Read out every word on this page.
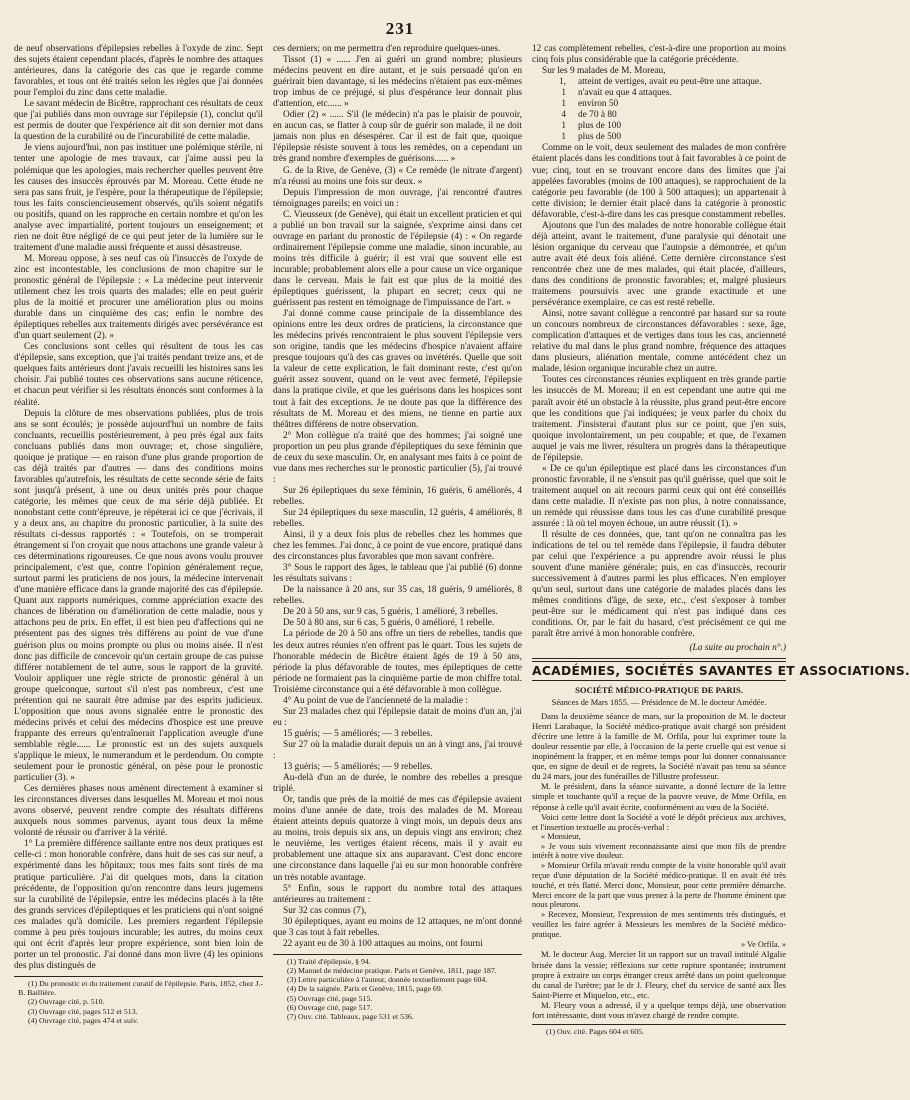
231

de neuf observations d'épilepsies rebelles à l'oxyde de zinc. Sept des sujets étaient cependant placés, d'après le nombre des attaques antérieures, dans la catégorie des cas que je regarde comme favorables, et tous ont été traités selon les règles que j'ai données pour l'emploi du zinc dans cette maladie.

Le savant médecin de Bicêtre, rapprochant ces résultats de ceux que j'ai publiés dans mon ouvrage sur l'épilepsie (1), conclut qu'il est permis de douter que l'expérience ait dit son dernier mot dans la question de la curabilité ou de l'incurabilité de cette maladie.

Je viens aujourd'hui, non pas instituer une polémique stérile, ni tenter une apologie de mes travaux, car j'aime aussi peu la polémique que les apologies, mais rechercher quelles peuvent être les causes des insuccès éprouvés par M. Moreau. Cette étude ne sera pas sans fruit, je l'espère, pour la thérapeutique de l'épilepsie; tous les faits consciencieusement observés, qu'ils soient négatifs ou positifs, quand on les rapproche en certain nombre et qu'on les analyse avec impartialité, portent toujours un enseignement; et rien ne doit être négligé de ce qui peut jeter de la lumière sur le traitement d'une maladie aussi fréquente et aussi désastreuse.

M. Moreau oppose, à ses neuf cas où l'insuccès de l'oxyde de zinc est incontestable, les conclusions de mon chapitre sur le pronostic général de l'épilepsie : « La médecine peut intervenir utilement chez les trois quarts des malades; elle en peut guérir plus de la moitié et procurer une amélioration plus ou moins durable dans un cinquième des cas; enfin le nombre des épileptiques rebelles aux traitements dirigés avec persévérance est d'un quart seulement (2). »

Ces conclusions sont celles qui résultent de tous les cas d'épilepsie, sans exception, que j'ai traités pendant treize ans, et de quelques faits antérieurs dont j'avais recueilli les histoires sans les choisir. J'ai publié toutes ces observations sans aucune réticence, et chacun peut vérifier si les résultats énoncés sont conformes à la réalité.

Depuis la clôture de mes observations publiées, plus de trois ans se sont écoulés; je possède aujourd'hui un nombre de faits concluants, recueillis postérieurement, à peu près égal aux faits concluans publiés dans mon ouvrage; et, chose singulière, quoique je pratique — en raison d'une plus grande proportion de cas déjà traités par d'autres — dans des conditions moins favorables qu'autrefois, les résultats de cette seconde série de faits sont jusqu'à présent, à une ou deux unités près pour chaque catégorie, les mêmes que ceux de ma série déjà publiée. Et nonobstant cette contr'épreuve, je répéterai ici ce que j'écrivais, il y a deux ans, au chapitre du pronostic particulier, à la suite des résultats ci-dessus rapportés : « Toutefois, on se tromperait étrangement si l'on croyait que nous attachons une grande valeur à ces déterminations rigoureuses. Ce que nous avons voulu prouver principalement, c'est que, contre l'opinion généralement reçue, surtout parmi les praticiens de nos jours, la médecine intervenait d'une manière efficace dans la grande majorité des cas d'épilepsie. Quant aux rapports numériques, comme appréciation exacte des chances de libération ou d'amélioration de cette maladie, nous y attachons peu de prix. En effet, il est bien peu d'affections qui ne présentent pas des signes très différens au point de vue d'une guérison plus ou moins prompte ou plus ou moins aisée. Il n'est donc pas difficile de concevoir qu'un certain groupe de cas puisse différer notablement de tel autre, sous le rapport de la gravité. Vouloir appliquer une règle stricte de pronostic général à un groupe quelconque, surtout s'il n'est pas nombreux, c'est une prétention qui ne saurait être admise par des esprits judicieux. L'opposition que nous avons signalée entre le pronostic des médecins privés et celui des médecins d'hospice est une preuve frappante des erreurs qu'entraînerait l'application aveugle d'une semblable règle...... Le pronostic est un des sujets auxquels s'applique le mieux, le numerandum et le perdendum. On compte seulement pour le pronostic général, on pèse pour le pronostic particulier (3). »

Ces dernières phases nous amènent directement à examiner si les circonstances diverses dans lesquelles M. Moreau et moi nous avons observé, peuvent rendre compte des résultats différens auxquels nous sommes parvenus, ayant tous deux la même volonté de réussir ou d'arriver à la vérité.

1° La première différence saillante entre nos deux pratiques est celle-ci : mon honorable confrère, dans huit de ses cas sur neuf, a expérimenté dans les hôpitaux; tous mes faits sont tirés de ma pratique particulière. J'ai dit quelques mots, dans la citation précédente, de l'opposition qu'on rencontre dans leurs jugemens sur la curabilité de l'épilepsie, entre les médecins placés à la tête des grands services d'épileptiques et les praticiens qui n'ont soigné ces malades qu'à domicile. Les premiers regardent l'épilepsie comme à peu près toujours incurable; les autres, du moins ceux qui ont écrit d'après leur propre expérience, sont bien loin de porter un tel pronostic. J'ai donné dans mon livre (4) les opinions des plus distingués de

(1) Du pronostic et du traitement curatif de l'épilepsie. Paris, 1852, chez J.-B. Baillière.

(2) Ouvrage cité, p. 510.

(3) Ouvrage cité, pages 512 et 513.

(4) Ouvrage cité, pages 474 et suiv.

ces derniers; on me permettra d'en reproduire quelques-unes.

Tissot (1) « ...... J'en ai guéri un grand nombre; plusieurs médecins peuvent en dire autant, et je suis persuadé qu'on en guérirait bien davantage, si les médecins n'étaient pas eux-mêmes trop imbus de ce préjugé, si plus d'espérance leur donnait plus d'attention, etc...... »

Odier (2) « ...... S'il (le médecin) n'a pas le plaisir de pouvoir, en aucun cas, se flatter à coup sûr de guérir son malade, il ne doit jamais non plus en désespérer. Car il est de fait que, quoique l'épilepsie résiste souvent à tous les remèdes, on a cependant un très grand nombre d'exemples de guérisons...... »

G. de la Rive, de Genève, (3) « Ce remède (le nitrate d'argent) m'a réussi au moins une fois sur deux. »

Depuis l'impression de mon ouvrage, j'ai rencontré d'autres témoignages pareils; en voici un :

C. Vieusseux (de Genève), qui était un excellent praticien et qui a publié un bon travail sur la saignée, s'exprime ainsi dans cet ouvrage en parlant du pronostic de l'épilepsie (4) : « On regarde ordinairement l'épilepsie comme une maladie, sinon incurable, au moins très difficile à guérir; il est vrai que souvent elle est incurable; probablement alors elle a pour cause un vice organique dans le cerveau. Mais le fait est que plus de la moitié des épileptiques guérissent, la plupart en secret; ceux qui ne guérissent pas restent en témoignage de l'impuissance de l'art. »

J'ai donné comme cause principale de la dissemblance des opinions entre les deux ordres de praticiens, la circonstance que les médecins privés rencontraient le plus souvent l'épilepsie vers son origine, tandis que les médecins d'hospice n'avaient affaire presque toujours qu'à des cas graves ou invétérés. Quelle que soit la valeur de cette explication, le fait dominant reste, c'est qu'on guérit assez souvent, quand on le veut avec fermeté, l'épilepsie dans la pratique civile, et que les guérisons dans les hospices sont tout à fait des exceptions. Je ne doute pas que la différence des résultats de M. Moreau et des miens, ne tienne en partie aux théâtres différens de notre observation.

2° Mon collègue n'a traité que des hommes; j'ai soigné une proportion un peu plus grande d'épileptiques du sexe féminin que de ceux du sexe masculin. Or, en analysant mes faits à ce point de vue dans mes recherches sur le pronostic particulier (5), j'ai trouvé :

Sur 26 épileptiques du sexe féminin, 16 guéris, 6 améliorés, 4 rebelles.

Sur 24 épileptiques du sexe masculin, 12 guéris, 4 améliorés, 8 rebelles.

Ainsi, il y a deux fois plus de rebelles chez les hommes que chez les femmes. J'ai donc, à ce point de vue encore, pratiqué dans des circonstances plus favorables que mon savant confrère.

3° Sous le rapport des âges, le tableau que j'ai publié (6) donne les résultats suivans :

De la naissance à 20 ans, sur 35 cas, 18 guéris, 9 améliorés, 8 rebelles.

De 20 à 50 ans, sur 9 cas, 5 guéris, 1 amélioré, 3 rebelles.

De 50 à 80 ans, sur 6 cas, 5 guéris, 0 amélioré, 1 rebelle.

La période de 20 à 50 ans offre un tiers de rebelles, tandis que les deux autres réunies n'en offrent pas le quart. Tous les sujets de l'honorable médecin de Bicêtre étaient âgés de 19 à 50 ans, période la plus défavorable de toutes, mes épileptiques de cette période ne formaient pas la cinquième partie de mon chiffre total. Troisième circonstance qui a été défavorable à mon collègue.

4° Au point de vue de l'ancienneté de la maladie :

Sur 23 malades chez qui l'épilepsie datait de moins d'un an, j'ai eu :

15 guéris; — 5 améliorés; — 3 rebelles.

Sur 27 où la maladie durait depuis un an à vingt ans, j'ai trouvé :

13 guéris; — 5 améliorés; — 9 rebelles.

Au-delà d'un an de durée, le nombre des rebelles a presque triplé.

Or, tandis que près de la moitié de mes cas d'épilepsie avaient moins d'une année de date, trois des malades de M. Moreau étaient atteints depuis quatorze à vingt mois, un depuis deux ans au moins, trois depuis six ans, un depuis vingt ans environ; chez le neuvième, les vertiges étaient récens, mais il y avait eu probablement une attaque six ans auparavant. C'est donc encore une circonstance dans laquelle j'ai eu sur mon honorable confrère un très notable avantage.

5° Enfin, sous le rapport du nombre total des attaques antérieures au traitement :

Sur 32 cas connus (7),

30 épileptiques, ayant eu moins de 12 attaques, ne m'ont donné que 3 cas tout à fait rebelles.

22 ayant eu de 30 à 100 attaques au moins, ont fourni

(1) Traité d'épilepsie, § 94.

(2) Manuel de médecine pratique. Paris et Genève, 1811, page 187.

(3) Lettre particulière à l'auteur, donnée textuellement page 604.

(4) De la saignée. Paris et Genève, 1815, page 69.

(5) Ouvrage cité, page 515.

(6) Ouvrage cité, page 517.

(7) Ouv. cité. Tableaux, page 531 et 536.

12 cas complètement rebelles, c'est-à-dire une proportion au moins cinq fois plus considérable que la catégorie précédente.

Sur les 9 malades de M. Moreau,

1,	atteint de vertiges, avait eu peut-être une attaque.
1	n'avait eu que 4 attaques.
1	environ 50
4	de 70 à 80
1	plus de 100
1	plus de 500

Comme on le voit, deux seulement des malades de mon confrère étaient placés dans les conditions tout à fait favorables à ce point de vue; cinq, tout en se trouvant encore dans des limites que j'ai appelées favorables (moins de 100 attaques), se rapprochaient de la catégorie peu favorable (de 100 à 500 attaques); un appartenait à cette division; le dernier était placé dans la catégorie à pronostic défavorable, c'est-à-dire dans les cas presque constamment rebelles.

Ajoutons que l'un des malades de notre honorable collègue était déjà atteint, avant le traitement, d'une paralysie qui dénotait une lésion organique du cerveau que l'autopsie a démontrée, et qu'un autre avait été deux fois aliéné. Cette dernière circonstance s'est rencontrée chez une de mes malades, qui était placée, d'ailleurs, dans des conditions de pronostic favorables; et, malgré plusieurs traitemens poursuivis avec une grande exactitude et une persévérance exemplaire, ce cas est resté rebelle.

Ainsi, notre savant collègue a rencontré par hasard sur sa route un concours nombreux de circonstances défavorables : sexe, âge, complication d'attaques et de vertiges dans tous les cas, ancienneté relative du mal dans le plus grand nombre, fréquence des attaques dans plusieurs, aliénation mentale, comme antécédent chez un malade, lésion organique incurable chez un autre.

Toutes ces circonstances réunies expliquent en très grande partie les insuccès de M. Moreau; il en est cependant une autre qui me paraît avoir été un obstacle à la réussite, plus grand peut-être encore que les conditions que j'ai indiquées; je veux parler du choix du traitement. J'insisterai d'autant plus sur ce point, que j'en suis, quoique involontairement, un peu coupable; et que, de l'examen auquel je vais me livrer, résultera un progrès dans la thérapeutique de l'épilepsie.

« De ce qu'un épileptique est placé dans les circonstances d'un pronostic favorable, il ne s'ensuit pas qu'il guérisse, quel que soit le traitement auquel on ait recours parmi ceux qui ont été conseillés dans cette maladie. Il n'existe pas non plus, à notre connaissance, un remède qui réussisse dans tous les cas d'une curabilité presque assurée : là où tel moyen échoue, un autre réussit (1). »

Il résulte de ces données, que, tant qu'on ne connaîtra pas les indications de tel ou tel remède dans l'épilepsie, il faudra débuter par celui que l'expérience a pu apprendre avoir réussi le plus souvent d'une manière générale; puis, en cas d'insuccès, recourir successivement à d'autres parmi les plus efficaces. N'en employer qu'un seul, surtout dans une catégorie de malades placés dans les mêmes conditions d'âge, de sexe, etc., c'est s'exposer à tomber peut-être sur le médicament qui n'est pas indiqué dans ces conditions. Or, par le fait du hasard, c'est précisément ce qui me paraît être arrivé à mon honorable confrère.

(La suite au prochain n°.)
ACADÉMIES, SOCIÉTÉS SAVANTES ET ASSOCIATIONS.
SOCIÉTÉ MÉDICO-PRATIQUE DE PARIS.
Séances de Mars 1855. — Présidence de M. le docteur Amédée.

Dans la deuxième séance de mars, sur la proposition de M. le docteur Henri Larabaque, la Société médico-pratique avait chargé son président d'écrire une lettre à la famille de M. Orfila, pour lui exprimer toute la douleur ressentie par elle, à l'occasion de la perte cruelle qui est venue si inopinément la frapper, et en même temps pour lui donner connaissance que, en signe de deuil et de regrets, la Société n'avait pas tenu sa séance du 24 mars, jour des funérailles de l'illustre professeur.

M. le président, dans la séance suivante, a donné lecture de la lettre simple et touchante qu'il a reçue de la pauvre veuve, de Mme Orfila, en réponse à celle qu'il avait écrite, conformément au vœu de la Société.

Voici cette lettre dont la Société a voté le dépôt précieux aux archives, et l'insertion textuelle au procès-verbal :

« Monsieur,

» Je vous suis vivement reconnaissante ainsi que mon fils de prendre intérêt à notre vive douleur.

» Monsieur Orfila m'avait rendu compte de la visite honorable qu'il avait reçue d'une députation de la Société médico-pratique. Il en avait été très touché, et très flatté. Merci donc, Monsieur, pour cette première démarche. Merci encore de la part que vous prenez à la perte de l'homme éminent que nous pleurons.

» Recevez, Monsieur, l'expression de mes sentiments très distingués, et veuillez les faire agréer à Messieurs les membres de la Société médico-pratique.

» Ve Orfila. »

M. le docteur Aug. Mercier lit un rapport sur un travail intitulé Algalie brisée dans la vessie; réflexions sur cette rupture spontanée; instrument propre à extraire un corps étranger creux arrêté dans un point quelconque du canal de l'urètre; par le dr J. Fleury, chef du service de santé aux Îles Saint-Pierre et Miquelon, etc., etc.

M. Fleury vous a adressé, il y a quelque temps déjà, une observation fort intéressante, dont vous m'avez chargé de rendre compte.

(1) Ouv. cité. Pages 604 et 605.
